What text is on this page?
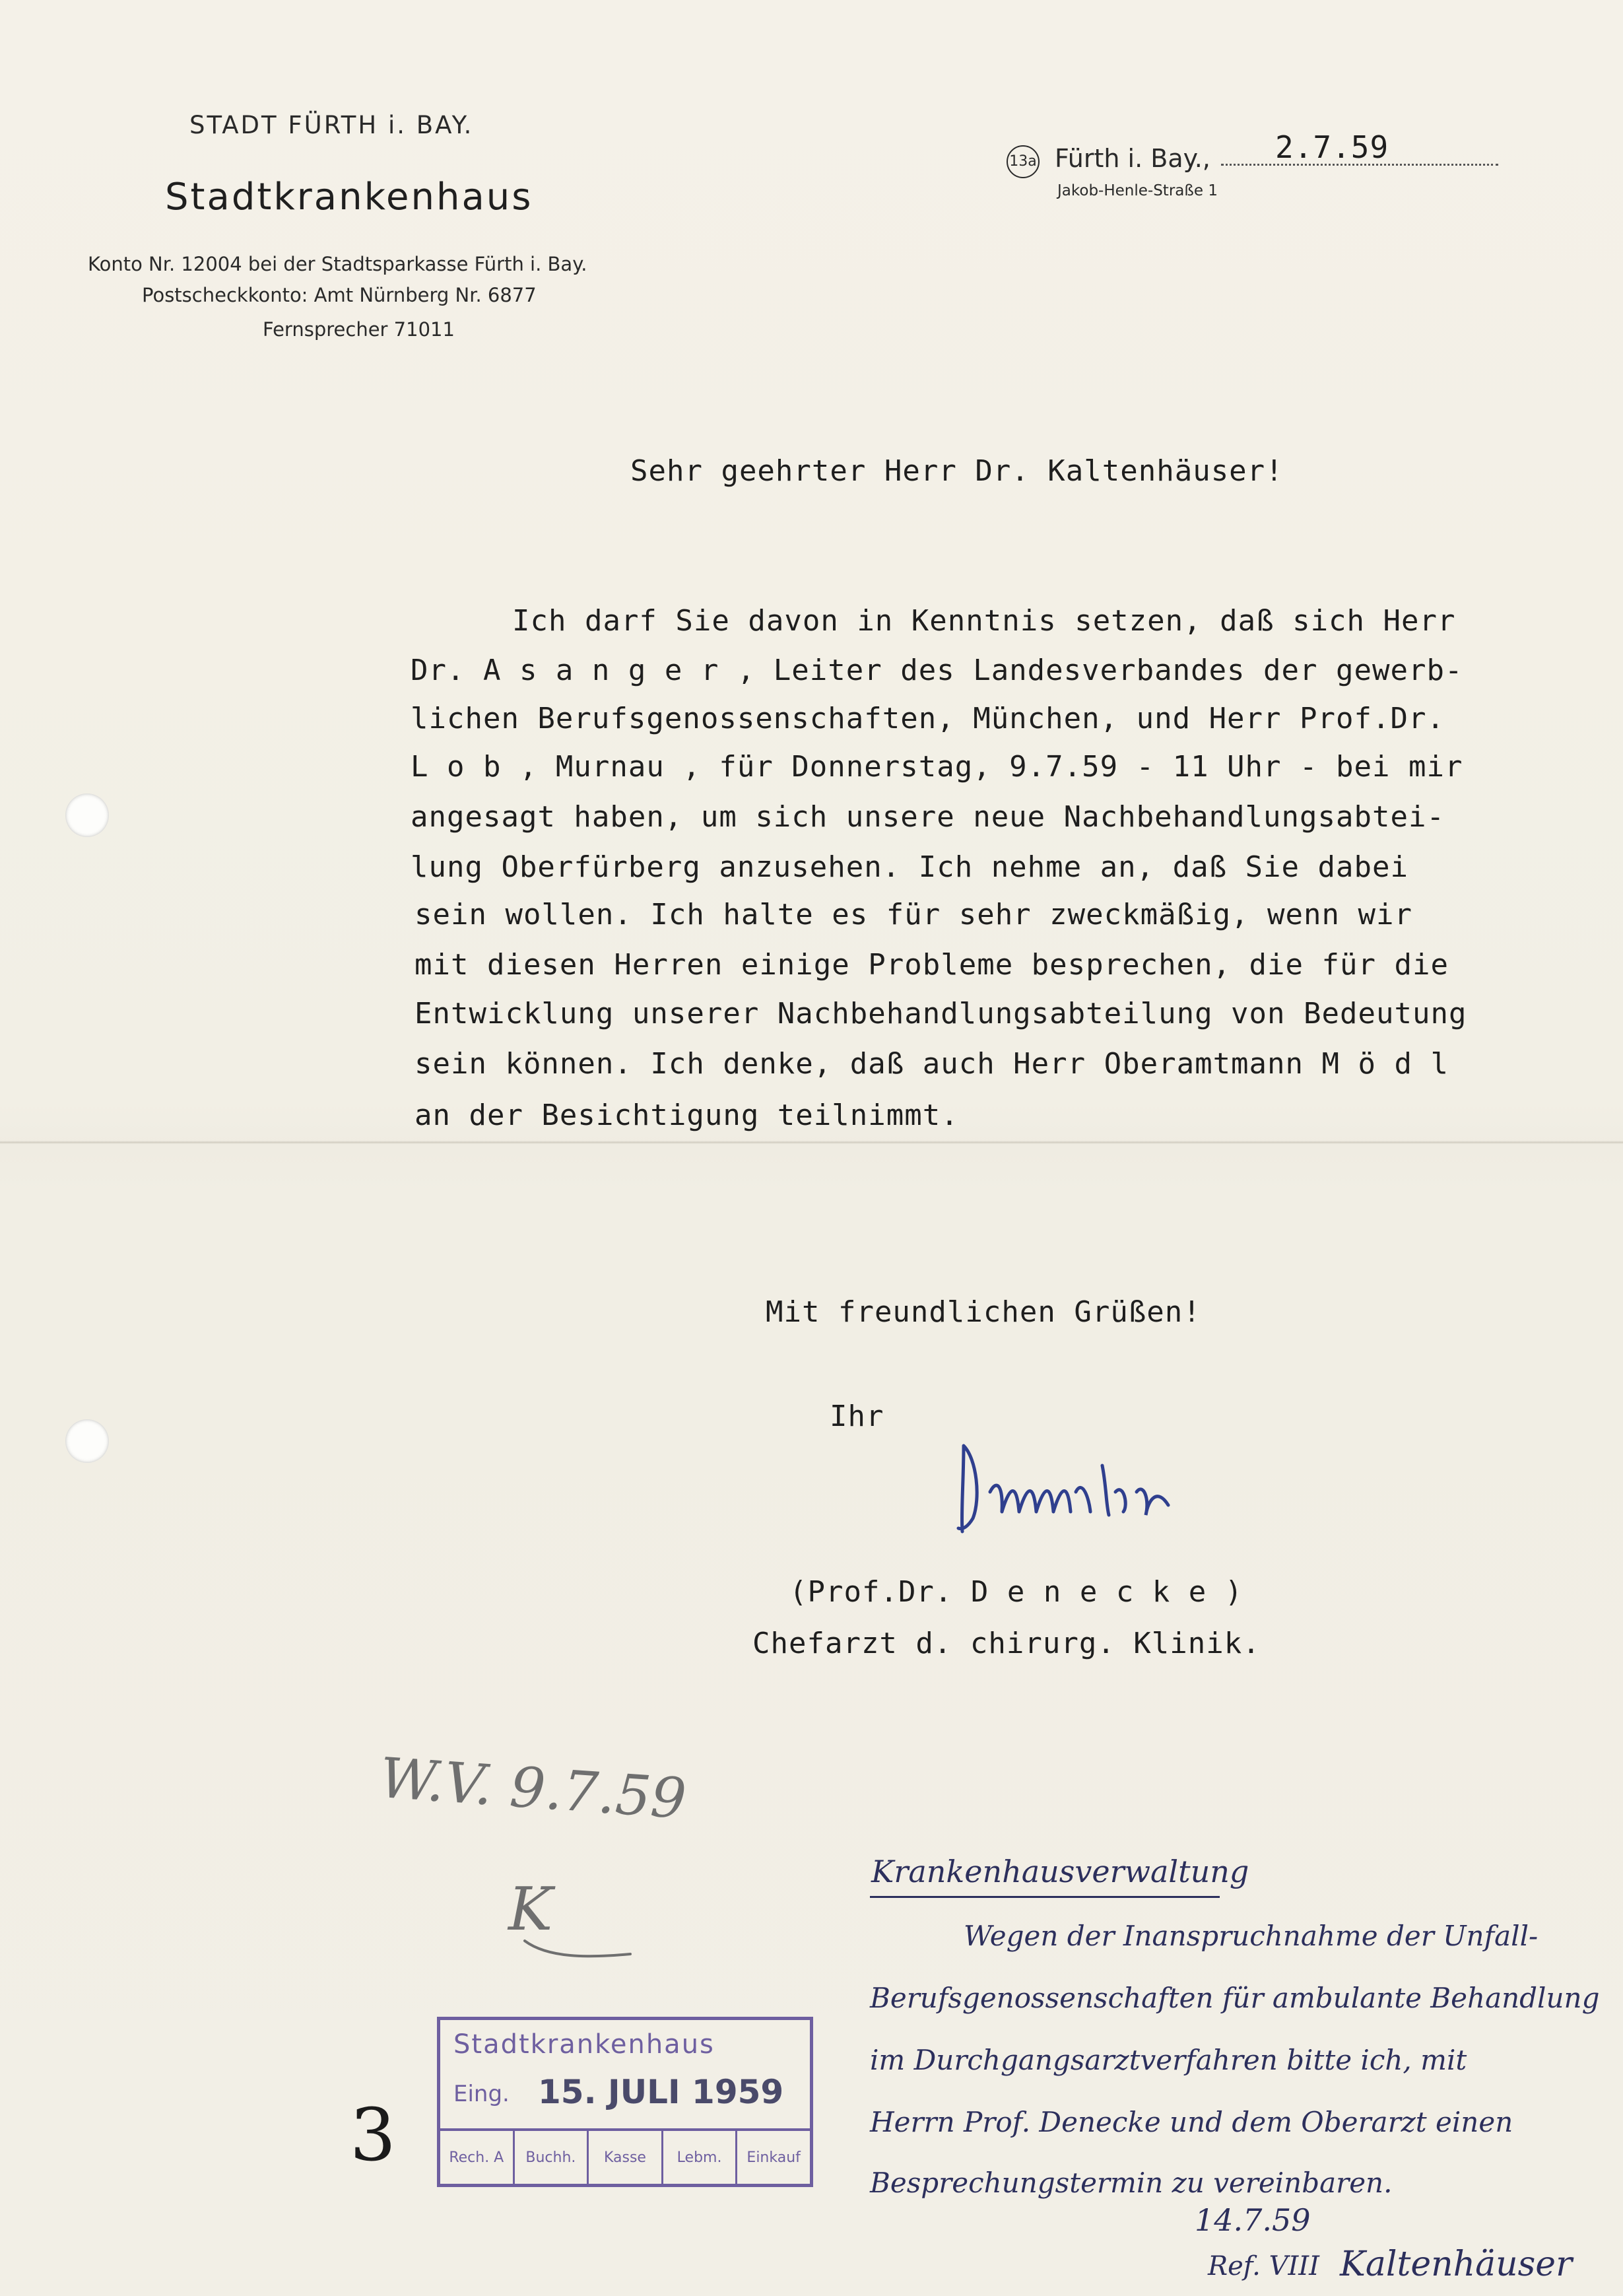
STADT FÜRTH i. BAY.
Stadtkrankenhaus
Konto Nr. 12004 bei der Stadtsparkasse Fürth i. Bay.
Postscheckkonto: Amt Nürnberg Nr. 6877
Fernsprecher 71011
13a Fürth i. Bay., 2.7.59
Jakob-Henle-Straße 1
Sehr geehrter Herr Dr. Kaltenhäuser!
Ich darf Sie davon in Kenntnis setzen, daß sich Herr
Dr. A s a n g e r , Leiter des Landesverbandes der gewerb-
lichen Berufsgenossenschaften, München, und Herr Prof.Dr.
L o b , Murnau , für Donnerstag, 9.7.59 - 11 Uhr - bei mir
angesagt haben, um sich unsere neue Nachbehandlungsabtei-
lung Oberfürberg anzusehen. Ich nehme an, daß Sie dabei
sein wollen. Ich halte es für sehr zweckmäßig, wenn wir
mit diesen Herren einige Probleme besprechen, die für die
Entwicklung unserer Nachbehandlungsabteilung von Bedeutung
sein können. Ich denke, daß auch Herr Oberamtmann M ö d l
an der Besichtigung teilnimmt.
Mit freundlichen Grüßen!
Ihr
(Prof.Dr. D e n e c k e )
Chefarzt d. chirurg. Klinik.
W.V. 9.7.59
K
3
Stadtkrankenhaus
Eing. 15. JULI 1959
Rech. A	Buchh.	Kasse	Lebm.	Einkauf
Krankenhausverwaltung
Wegen der Inanspruchnahme der Unfall-
Berufsgenossenschaften für ambulante Behandlung
im Durchgangsarztverfahren bitte ich, mit
Herrn Prof. Denecke und dem Oberarzt einen
Besprechungstermin zu vereinbaren.
14.7.59
Ref. VIII Kaltenhäuser
